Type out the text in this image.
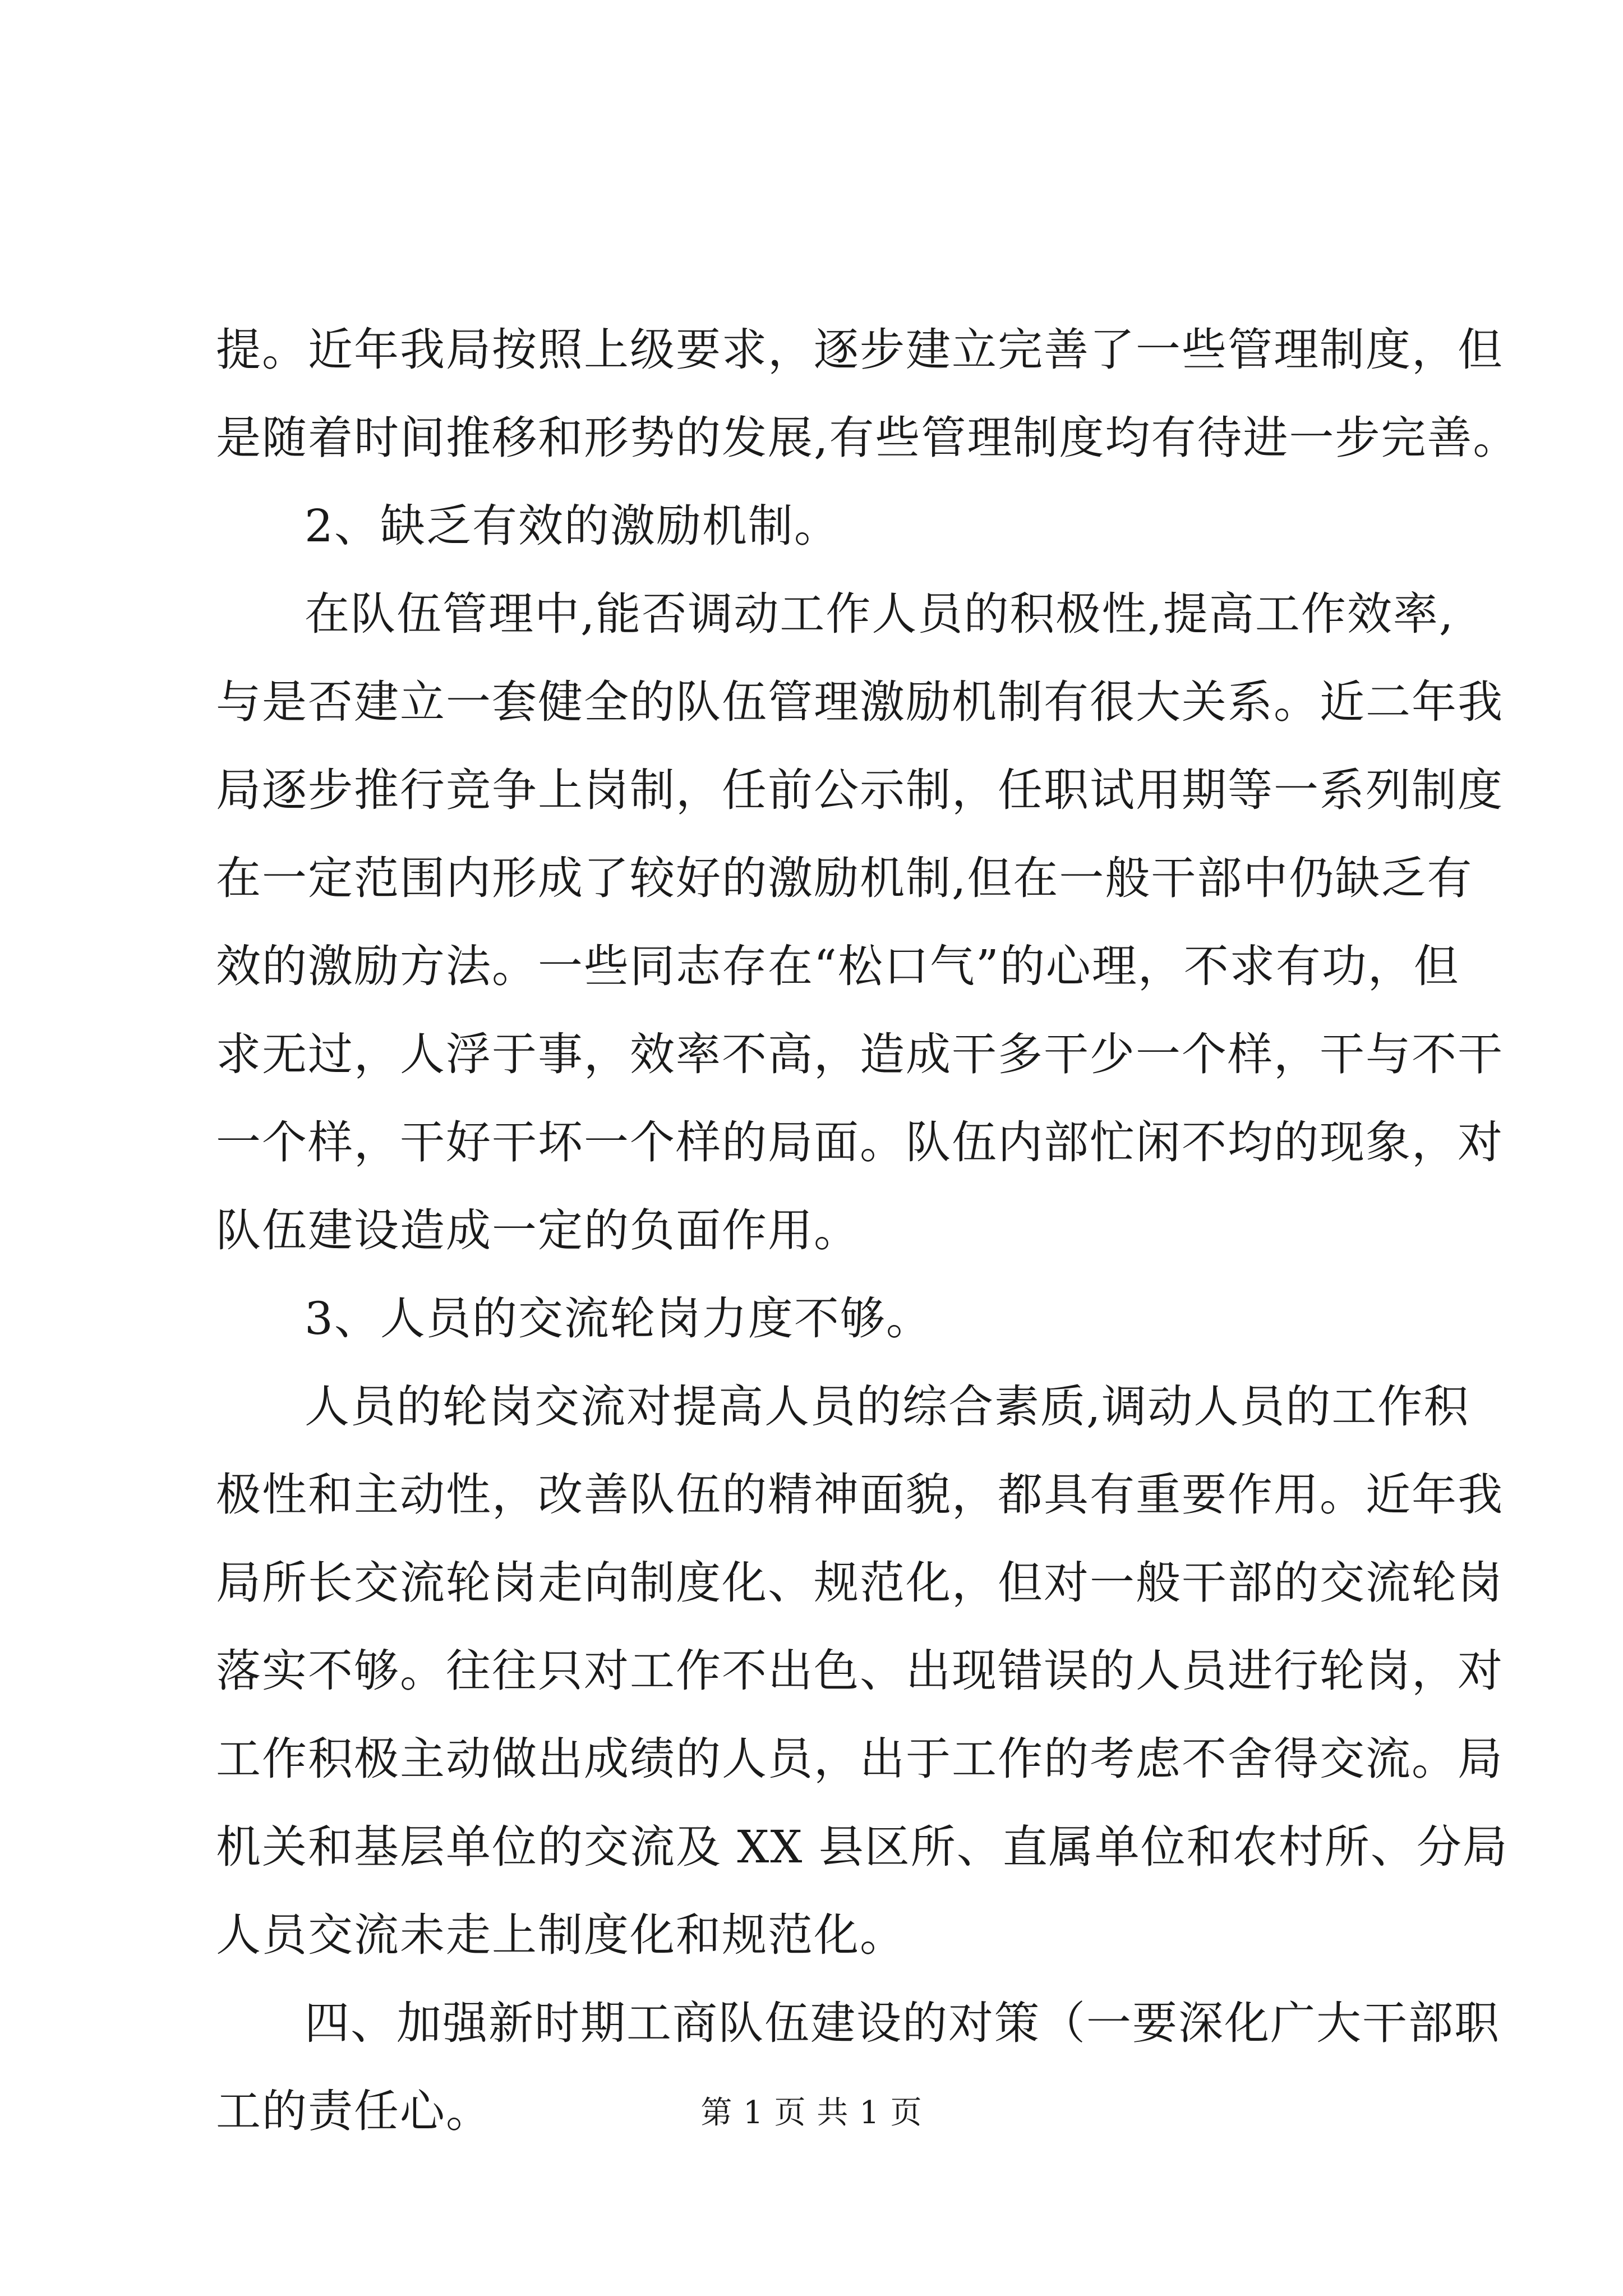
提。近年我局按照上级要求，逐步建立完善了一些管理制度，但
是随着时间推移和形势的发展,有些管理制度均有待进一步完善。
2、缺乏有效的激励机制。
在队伍管理中,能否调动工作人员的积极性,提高工作效率,
与是否建立一套健全的队伍管理激励机制有很大关系。近二年我
局逐步推行竞争上岗制，任前公示制，任职试用期等一系列制度
在一定范围内形成了较好的激励机制,但在一般干部中仍缺乏有
效的激励方法。一些同志存在“松口气”的心理，不求有功，但
求无过，人浮于事，效率不高，造成干多干少一个样，干与不干
一个样，干好干坏一个样的局面。队伍内部忙闲不均的现象，对
队伍建设造成一定的负面作用。
3、人员的交流轮岗力度不够。
人员的轮岗交流对提高人员的综合素质,调动人员的工作积
极性和主动性，改善队伍的精神面貌，都具有重要作用。近年我
局所长交流轮岗走向制度化、规范化，但对一般干部的交流轮岗
落实不够。往往只对工作不出色、出现错误的人员进行轮岗，对
工作积极主动做出成绩的人员，出于工作的考虑不舍得交流。局
机关和基层单位的交流及 XX 县区所、直属单位和农村所、分局
人员交流未走上制度化和规范化。
四、加强新时期工商队伍建设的对策（一要深化广大干部职
工的责任心。	第 1 页 共 1 页
